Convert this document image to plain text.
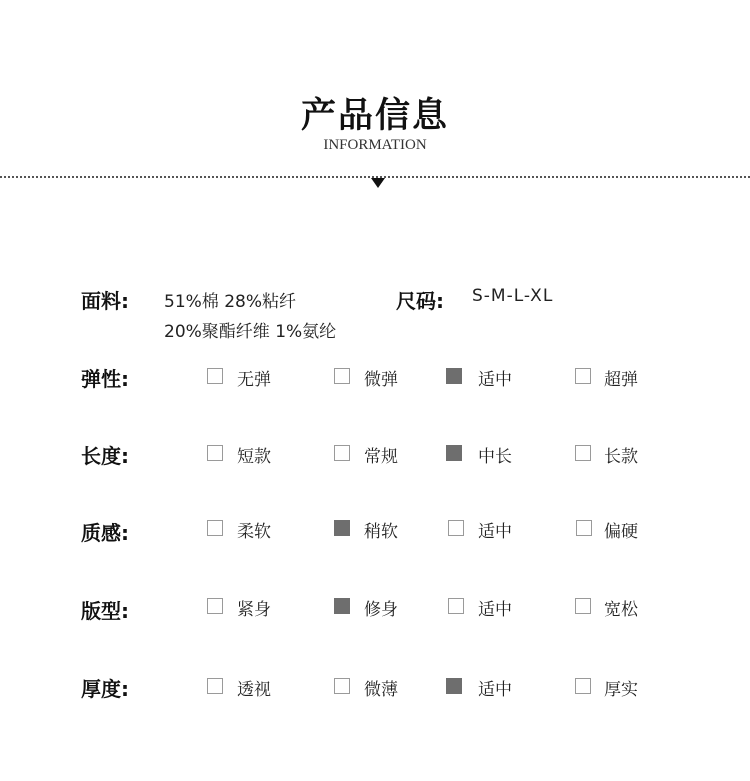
产品信息
INFORMATION
面料: 51%棉 28%粘纤
20%聚酯纤维 1%氨纶
尺码: S-M-L-XL
弹性:	无弹	微弹	适中	超弹
长度:	短款	常规	中长	长款
质感:	柔软	稍软	适中	偏硬
版型:	紧身	修身	适中	宽松
厚度:	透视	微薄	适中	厚实
